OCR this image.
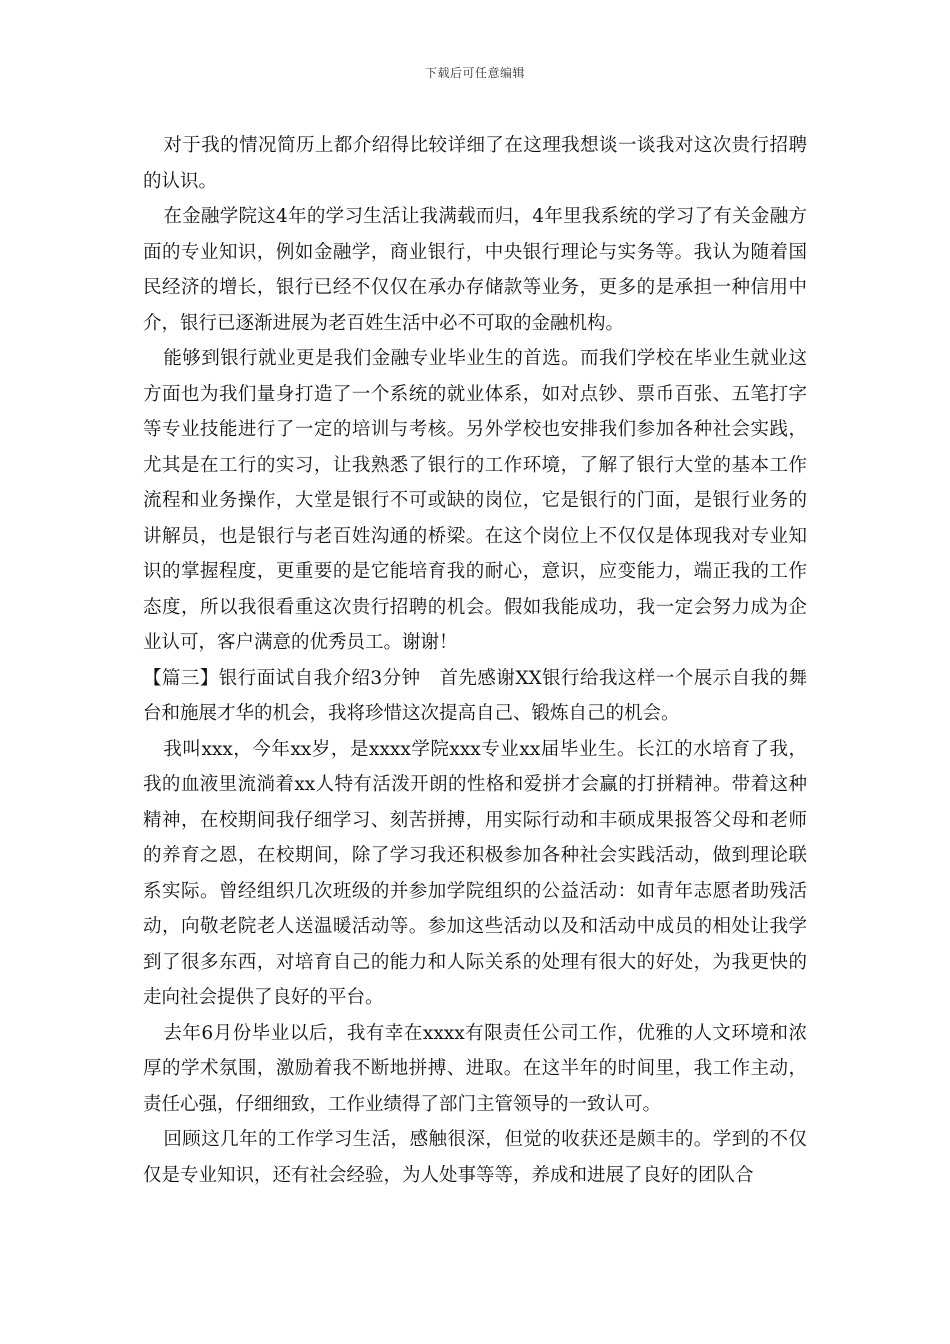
下载后可任意编辑

对于我的情况简历上都介绍得比较详细了在这理我想谈一谈我对这次贵行招聘的认识。

在金融学院这4年的学习生活让我满载而归，4年里我系统的学习了有关金融方面的专业知识，例如金融学，商业银行，中央银行理论与实务等。我认为随着国民经济的增长，银行已经不仅仅在承办存储款等业务，更多的是承担一种信用中介，银行已逐渐进展为老百姓生活中必不可取的金融机构。

能够到银行就业更是我们金融专业毕业生的首选。而我们学校在毕业生就业这方面也为我们量身打造了一个系统的就业体系，如对点钞、票币百张、五笔打字等专业技能进行了一定的培训与考核。另外学校也安排我们参加各种社会实践，尤其是在工行的实习，让我熟悉了银行的工作环境，了解了银行大堂的基本工作流程和业务操作，大堂是银行不可或缺的岗位，它是银行的门面，是银行业务的讲解员，也是银行与老百姓沟通的桥梁。在这个岗位上不仅仅是体现我对专业知识的掌握程度，更重要的是它能培育我的耐心，意识，应变能力，端正我的工作态度，所以我很看重这次贵行招聘的机会。假如我能成功，我一定会努力成为企业认可，客户满意的优秀员工。谢谢！

【篇三】银行面试自我介绍3分钟　首先感谢XX银行给我这样一个展示自我的舞台和施展才华的机会，我将珍惜这次提高自己、锻炼自己的机会。

我叫xxx，今年xx岁，是xxxx学院xxx专业xx届毕业生。长江的水培育了我，我的血液里流淌着xx人特有活泼开朗的性格和爱拼才会赢的打拼精神。带着这种精神，在校期间我仔细学习、刻苦拼搏，用实际行动和丰硕成果报答父母和老师的养育之恩，在校期间，除了学习我还积极参加各种社会实践活动，做到理论联系实际。曾经组织几次班级的并参加学院组织的公益活动：如青年志愿者助残活动，向敬老院老人送温暖活动等。参加这些活动以及和活动中成员的相处让我学到了很多东西，对培育自己的能力和人际关系的处理有很大的好处，为我更快的走向社会提供了良好的平台。

去年6月份毕业以后，我有幸在xxxx有限责任公司工作，优雅的人文环境和浓厚的学术氛围，激励着我不断地拼搏、进取。在这半年的时间里，我工作主动，责任心强，仔细细致，工作业绩得了部门主管领导的一致认可。

回顾这几年的工作学习生活，感触很深，但觉的收获还是颇丰的。学到的不仅仅是专业知识，还有社会经验，为人处事等等，养成和进展了良好的团队合
